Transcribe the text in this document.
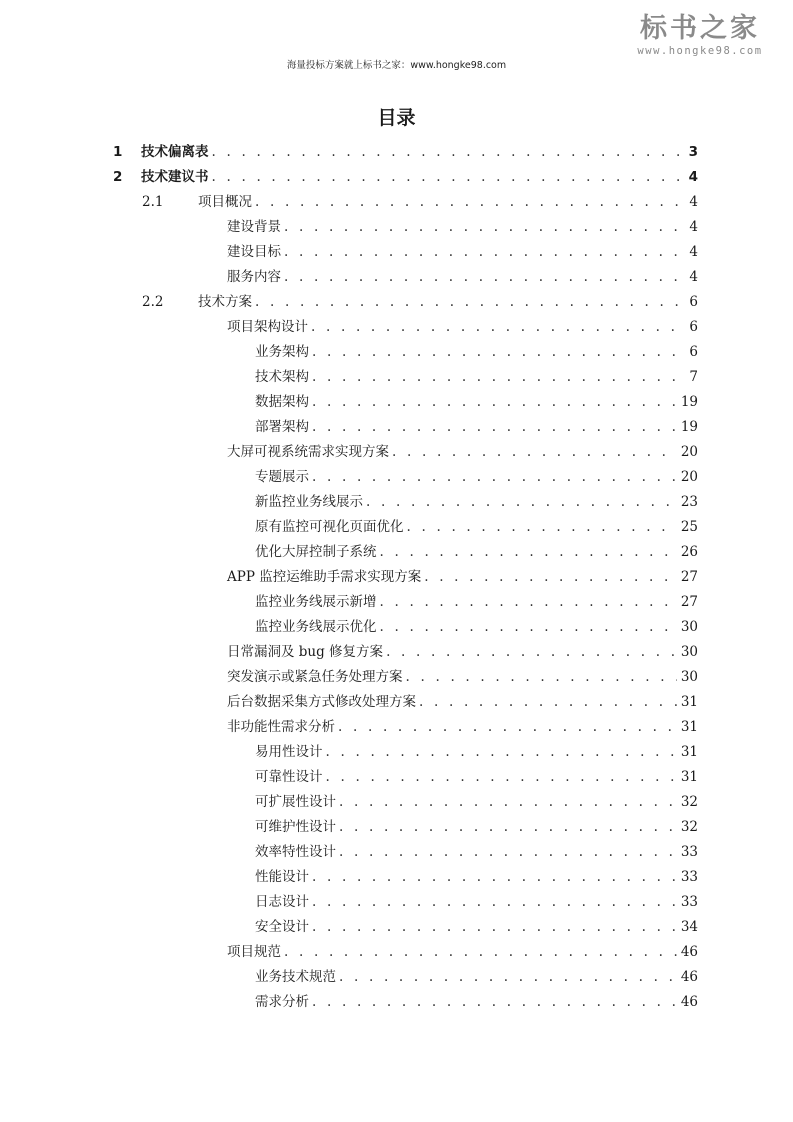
海量投标方案就上标书之家：www.hongke98.com
标书之家
www.hongke98.com
目录
1 技术偏离表 . . .	3
2 技术建议书 . . .	4
2.1	项目概况 . . .	4
建设背景 . . .	4
建设目标 . . .	4
服务内容 . . .	4
2.2	技术方案 . . .	6
项目架构设计 . . .	6
业务架构 . . .	6
技术架构 . . .	7
数据架构 . . .	19
部署架构 . . .	19
大屏可视系统需求实现方案 . . .	20
专题展示 . . .	20
新监控业务线展示 . . .	23
原有监控可视化页面优化 . . .	25
优化大屏控制子系统 . . .	26
APP 监控运维助手需求实现方案 . . .	27
监控业务线展示新增 . . .	27
监控业务线展示优化 . . .	30
日常漏洞及 bug 修复方案 . . .	30
突发演示或紧急任务处理方案 . . .	30
后台数据采集方式修改处理方案 . . .	31
非功能性需求分析 . . .	31
易用性设计 . . .	31
可靠性设计 . . .	31
可扩展性设计 . . .	32
可维护性设计 . . .	32
效率特性设计 . . .	33
性能设计 . . .	33
日志设计 . . .	33
安全设计 . . .	34
项目规范 . . .	46
业务技术规范 . . .	46
需求分析 . . .	46
